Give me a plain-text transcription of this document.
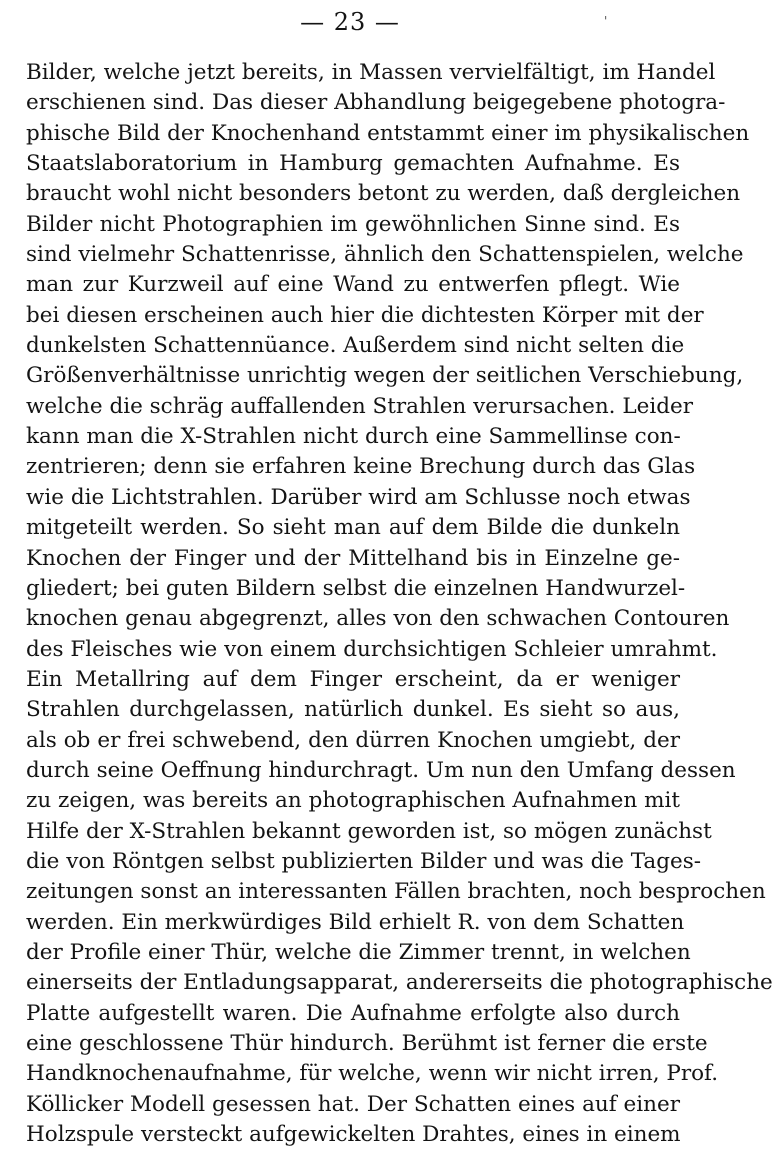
— 23 —	'
Bilder, welche jetzt bereits, in Massen vervielfältigt, im Handel
erschienen sind. Das dieser Abhandlung beigegebene photogra-
phische Bild der Knochenhand entstammt einer im physikalischen
Staatslaboratorium in Hamburg gemachten Aufnahme. Es
braucht wohl nicht besonders betont zu werden, daß dergleichen
Bilder nicht Photographien im gewöhnlichen Sinne sind. Es
sind vielmehr Schattenrisse, ähnlich den Schattenspielen, welche
man zur Kurzweil auf eine Wand zu entwerfen pflegt. Wie
bei diesen erscheinen auch hier die dichtesten Körper mit der
dunkelsten Schattennüance. Außerdem sind nicht selten die
Größenverhältnisse unrichtig wegen der seitlichen Verschiebung,
welche die schräg auffallenden Strahlen verursachen. Leider
kann man die X-Strahlen nicht durch eine Sammellinse con-
zentrieren; denn sie erfahren keine Brechung durch das Glas
wie die Lichtstrahlen. Darüber wird am Schlusse noch etwas
mitgeteilt werden. So sieht man auf dem Bilde die dunkeln
Knochen der Finger und der Mittelhand bis in Einzelne ge-
gliedert; bei guten Bildern selbst die einzelnen Handwurzel-
knochen genau abgegrenzt, alles von den schwachen Contouren
des Fleisches wie von einem durchsichtigen Schleier umrahmt.
Ein Metallring auf dem Finger erscheint, da er weniger
Strahlen durchgelassen, natürlich dunkel. Es sieht so aus,
als ob er frei schwebend, den dürren Knochen umgiebt, der
durch seine Oeffnung hindurchragt. Um nun den Umfang dessen
zu zeigen, was bereits an photographischen Aufnahmen mit
Hilfe der X-Strahlen bekannt geworden ist, so mögen zunächst
die von Röntgen selbst publizierten Bilder und was die Tages-
zeitungen sonst an interessanten Fällen brachten, noch besprochen
werden. Ein merkwürdiges Bild erhielt R. von dem Schatten
der Profile einer Thür, welche die Zimmer trennt, in welchen
einerseits der Entladungsapparat, andererseits die photographische
Platte aufgestellt waren. Die Aufnahme erfolgte also durch
eine geschlossene Thür hindurch. Berühmt ist ferner die erste
Handknochenaufnahme, für welche, wenn wir nicht irren, Prof.
Köllicker Modell gesessen hat. Der Schatten eines auf einer
Holzspule versteckt aufgewickelten Drahtes, eines in einem
